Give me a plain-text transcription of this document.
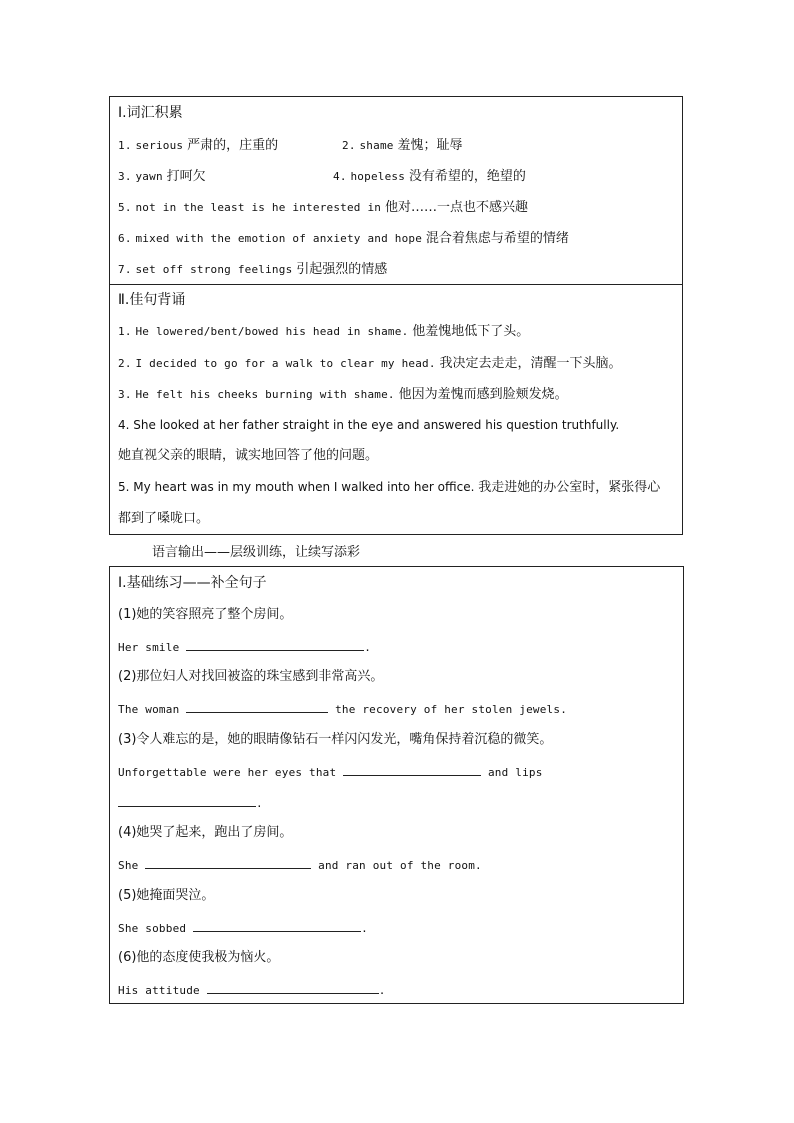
Ⅰ.词汇积累
1. serious 严肃的，庄重的	2. shame 羞愧；耻辱
3. yawn 打呵欠	4. hopeless 没有希望的，绝望的
5. not in the least is he interested in 他对……一点也不感兴趣
6. mixed with the emotion of anxiety and hope 混合着焦虑与希望的情绪
7. set off strong feelings 引起强烈的情感
Ⅱ.佳句背诵
1. He lowered/bent/bowed his head in shame. 他羞愧地低下了头。
2. I decided to go for a walk to clear my head. 我决定去走走，清醒一下头脑。
3. He felt his cheeks burning with shame. 他因为羞愧而感到脸颊发烧。
4. She looked at her father straight in the eye and answered his question truthfully.
她直视父亲的眼睛，诚实地回答了他的问题。
5. My heart was in my mouth when I walked into her office. 我走进她的办公室时，紧张得心
都到了嗓咙口。
语言输出——层级训练，让续写添彩
Ⅰ.基础练习——补全句子
(1)她的笑容照亮了整个房间。
Her smile	.
(2)那位妇人对找回被盗的珠宝感到非常高兴。
The woman	the recovery of her stolen jewels.
(3)令人难忘的是，她的眼睛像钻石一样闪闪发光，嘴角保持着沉稳的微笑。
Unforgettable were her eyes that	and lips
.
(4)她哭了起来，跑出了房间。
She	and ran out of the room.
(5)她掩面哭泣。
She sobbed	.
(6)他的态度使我极为恼火。
His attitude	.
